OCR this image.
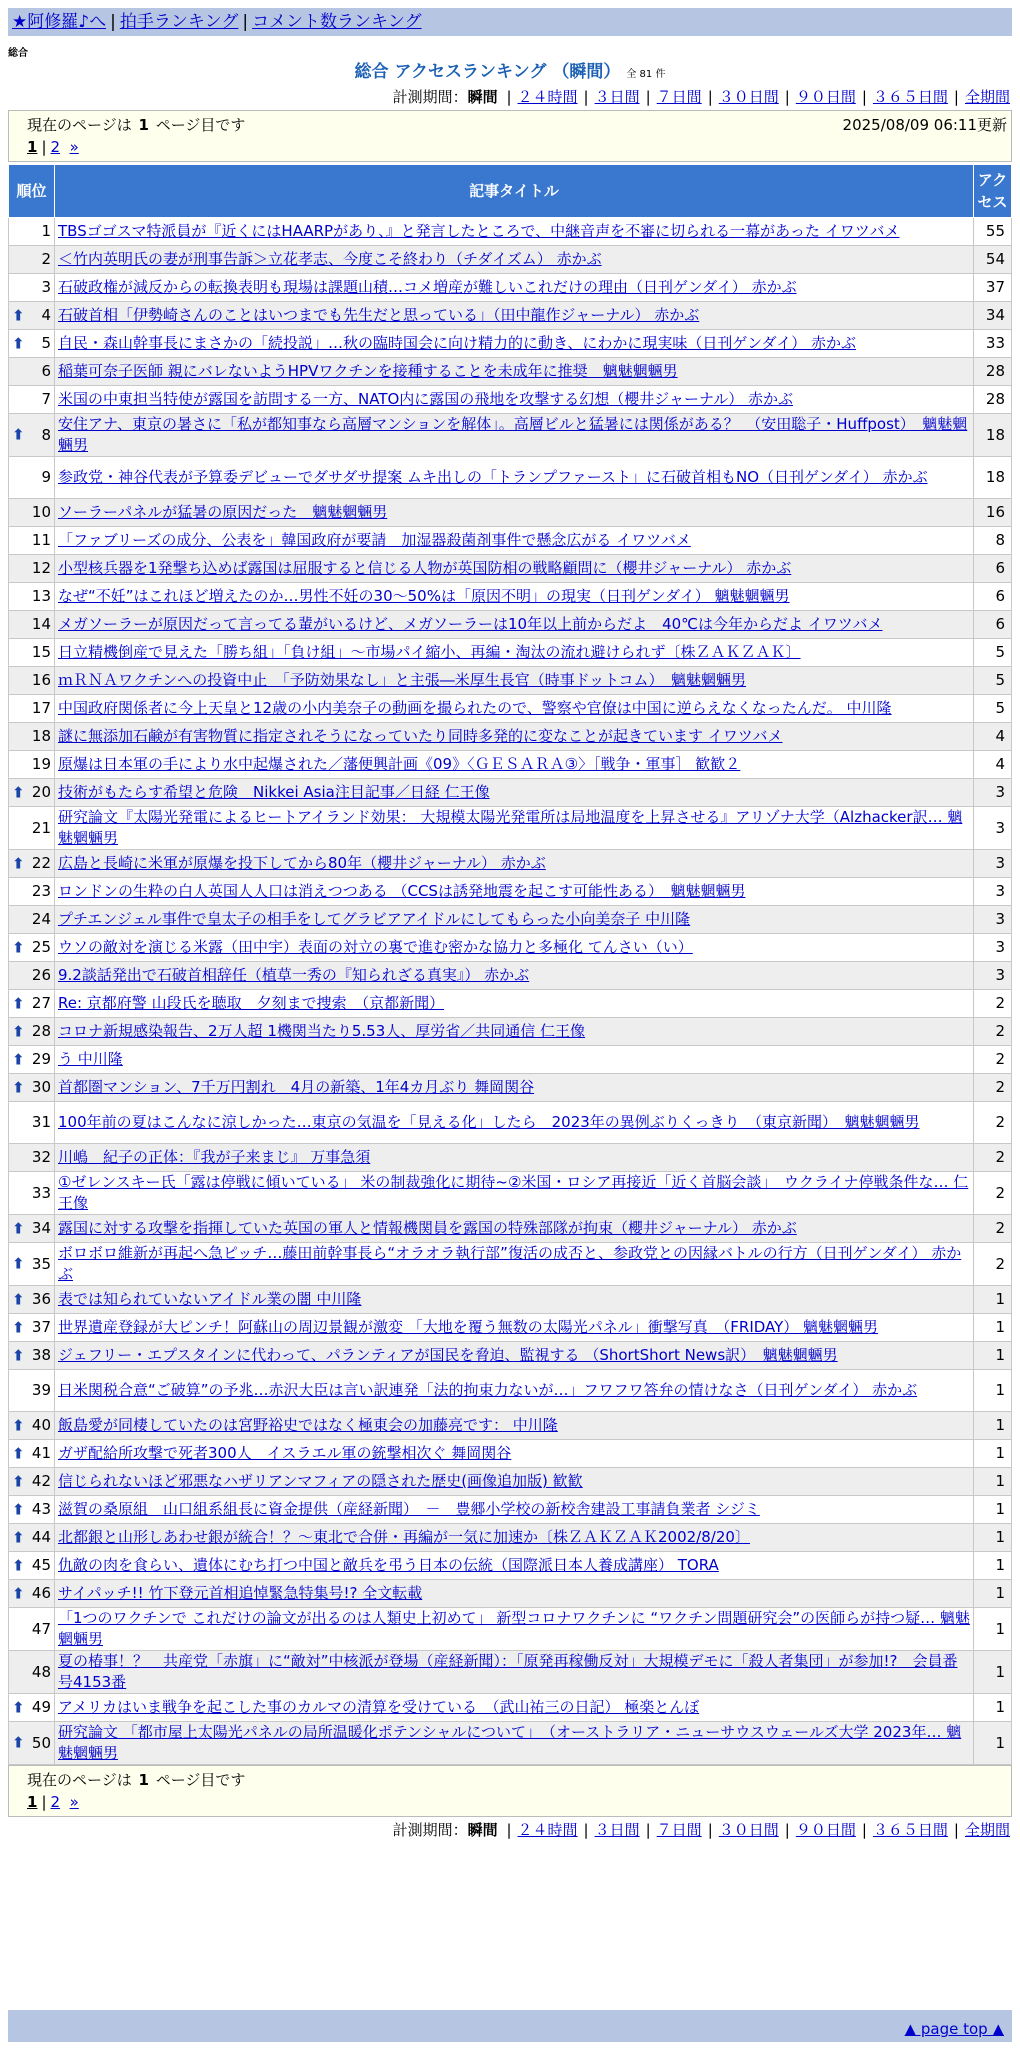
★阿修羅♪へ | 拍手ランキング | コメント数ランキング
総合
総合 アクセスランキング （瞬間） 全 81 件
計測期間：瞬間 | ２４時間 | ３日間 | ７日間 | ３０日間 | ９０日間 | ３６５日間 | 全期間
現在のページは 1 ページ目です	2025/08/09 06:11更新
1 | 2 »
順位	記事タイトル	アクセス
1	TBSゴゴスマ特派員が『近くにはHAARPがあり、』と発言したところで、中継音声を不審に切られる一幕があった イワツバメ	55
2	＜竹内英明氏の妻が刑事告訴＞立花孝志、今度こそ終わり（チダイズム） 赤かぶ	54
3	石破政権が減反からの転換表明も現場は課題山積…コメ増産が難しいこれだけの理由（日刊ゲンダイ） 赤かぶ	37

⬆ 4	石破首相「伊勢崎さんのことはいつまでも先生だと思っている」（田中龍作ジャーナル） 赤かぶ	34

⬆ 5	自民・森山幹事長にまさかの「続投説」…秋の臨時国会に向け精力的に動き、にわかに現実味（日刊ゲンダイ） 赤かぶ	33
6	稲葉可奈子医師 親にバレないようHPVワクチンを接種することを未成年に推奨　魑魅魍魎男	28
7	米国の中東担当特使が露国を訪問する一方、NATO内に露国の飛地を攻撃する幻想（櫻井ジャーナル） 赤かぶ	28

⬆ 8	安住アナ、東京の暑さに「私が都知事なら高層マンションを解体」。高層ビルと猛暑には関係がある？　（安田聡子・Huffpost）　魑魅魍魎男	18
9	参政党・神谷代表が予算委デビューでダサダサ提案 ムキ出しの「トランプファースト」に石破首相もNO（日刊ゲンダイ） 赤かぶ	18
10	ソーラーパネルが猛暑の原因だった　魑魅魍魎男	16
11	「ファブリーズの成分、公表を」韓国政府が要請　加湿器殺菌剤事件で懸念広がる イワツバメ	8
12	小型核兵器を1発撃ち込めば露国は屈服すると信じる人物が英国防相の戦略顧問に（櫻井ジャーナル） 赤かぶ	6
13	なぜ“不妊”はこれほど増えたのか…男性不妊の30～50%は「原因不明」の現実（日刊ゲンダイ） 魑魅魍魎男	6
14	メガソーラーが原因だって言ってる輩がいるけど、メガソーラーは10年以上前からだよ　40℃は今年からだよ イワツバメ	6
15	日立精機倒産で見えた「勝ち組」「負け組」～市場パイ縮小、再編・淘汰の流れ避けられず〔株ＺＡＫＺＡＫ〕	5
16	ｍＲＮＡワクチンへの投資中止　「予防効果なし」と主張―米厚生長官（時事ドットコム）　魑魅魍魎男	5
17	中国政府関係者に今上天皇と12歳の小内美奈子の動画を撮られたので、警察や官僚は中国に逆らえなくなったんだ。 中川隆	5
18	謎に無添加石鹸が有害物質に指定されそうになっていたり同時多発的に変なことが起きています イワツバメ	4
19	原爆は日本軍の手により水中起爆された／藩便興計画《09》〈ＧＥＳＡＲＡ③〉［戦争・軍事］ 歓歓２	4

⬆ 20	技術がもたらす希望と危険　Nikkei Asia注目記事／日経 仁王像	3
21	研究論文『太陽光発電によるヒートアイランド効果： 大規模太陽光発電所は局地温度を上昇させる』アリゾナ大学（Alzhacker訳… 魑魅魍魎男	3

⬆ 22	広島と長崎に米軍が原爆を投下してから80年（櫻井ジャーナル） 赤かぶ	3
23	ロンドンの生粋の白人英国人人口は消えつつある （CCSは誘発地震を起こす可能性ある）　魑魅魍魎男	3
24	プチエンジェル事件で皇太子の相手をしてグラビアアイドルにしてもらった小向美奈子 中川隆	3

⬆ 25	ウソの敵対を演じる米露（田中宇）表面の対立の裏で進む密かな協力と多極化 てんさい（い）	3
26	9.2談話発出で石破首相辞任（植草一秀の『知られざる真実』） 赤かぶ	3

⬆ 27	Re: 京都府警 山段氏を聴取　夕刻まで捜索　（京都新聞）	2

⬆ 28	コロナ新規感染報告、2万人超 1機関当たり5.53人、厚労省／共同通信 仁王像	2

⬆ 29	う 中川隆	2

⬆ 30	首都圏マンション、7千万円割れ　4月の新築、1年4カ月ぶり 舞岡関谷	2
31	100年前の夏はこんなに涼しかった…東京の気温を「見える化」したら　2023年の異例ぶりくっきり　（東京新聞）　魑魅魍魎男	2
32	川嶋　紀子の正体：『我が子来まじ』 万事急須	2
33	①ゼレンスキー氏「露は停戦に傾いている」 米の制裁強化に期待~②米国・ロシア再接近「近く首脳会談」　ウクライナ停戦条件な… 仁王像	2

⬆ 34	露国に対する攻撃を指揮していた英国の軍人と情報機関員を露国の特殊部隊が拘束（櫻井ジャーナル） 赤かぶ	2

⬆ 35	ボロボロ維新が再起へ急ピッチ…藤田前幹事長ら“オラオラ執行部”復活の成否と、参政党との因縁バトルの行方（日刊ゲンダイ） 赤かぶ	2

⬆ 36	表では知られていないアイドル業の闇 中川隆	1

⬆ 37	世界遺産登録が大ピンチ！阿蘇山の周辺景観が激変 「大地を覆う無数の太陽光パネル」衝撃写真　（FRIDAY） 魑魅魍魎男	1

⬆ 38	ジェフリー・エプスタインに代わって、パランティアが国民を脅迫、監視する （ShortShort News訳）　魑魅魍魎男	1
39	日米関税合意“ご破算”の予兆…赤沢大臣は言い訳連発「法的拘束力ないが…」フワフワ答弁の情けなさ（日刊ゲンダイ） 赤かぶ	1

⬆ 40	飯島愛が同棲していたのは宮野裕史ではなく極東会の加藤亮です： 中川隆	1

⬆ 41	ガザ配給所攻撃で死者300人　イスラエル軍の銃撃相次ぐ 舞岡関谷	1

⬆ 42	信じられないほど邪悪なハザリアンマフィアの隠された歴史(画像追加版) 歓歓	1

⬆ 43	滋賀の桑原組　山口組系組長に資金提供（産経新聞）　－　豊郷小学校の新校舎建設工事請負業者 シジミ	1

⬆ 44	北都銀と山形しあわせ銀が統合！？～東北で合併・再編が一気に加速か〔株ＺＡＫＺＡＫ2002/8/20〕	1

⬆ 45	仇敵の肉を食らい、遺体にむち打つ中国と敵兵を弔う日本の伝統（国際派日本人養成講座） TORA	1

⬆ 46	サイパッチ!! 竹下登元首相追悼緊急特集号!? 全文転載	1
47	「1つのワクチンで これだけの論文が出るのは人類史上初めて」 新型コロナワクチンに “ワクチン問題研究会”の医師らが持つ疑… 魑魅魍魎男	1
48	夏の椿事！？　共産党「赤旗」に“敵対”中核派が登場（産経新聞）：「原発再稼働反対」大規模デモに「殺人者集団」が参加!?　会員番号4153番	1

⬆ 49	アメリカはいま戦争を起こした事のカルマの清算を受けている　（武山祐三の日記） 極楽とんぼ	1

⬆ 50	研究論文 「都市屋上太陽光パネルの局所温暖化ポテンシャルについて」　（オーストラリア・ニューサウスウェールズ大学 2023年… 魑魅魍魎男	1
現在のページは 1 ページ目です
1 | 2 »
計測期間：瞬間 | ２４時間 | ３日間 | ７日間 | ３０日間 | ９０日間 | ３６５日間 | 全期間
▲ page top ▲
